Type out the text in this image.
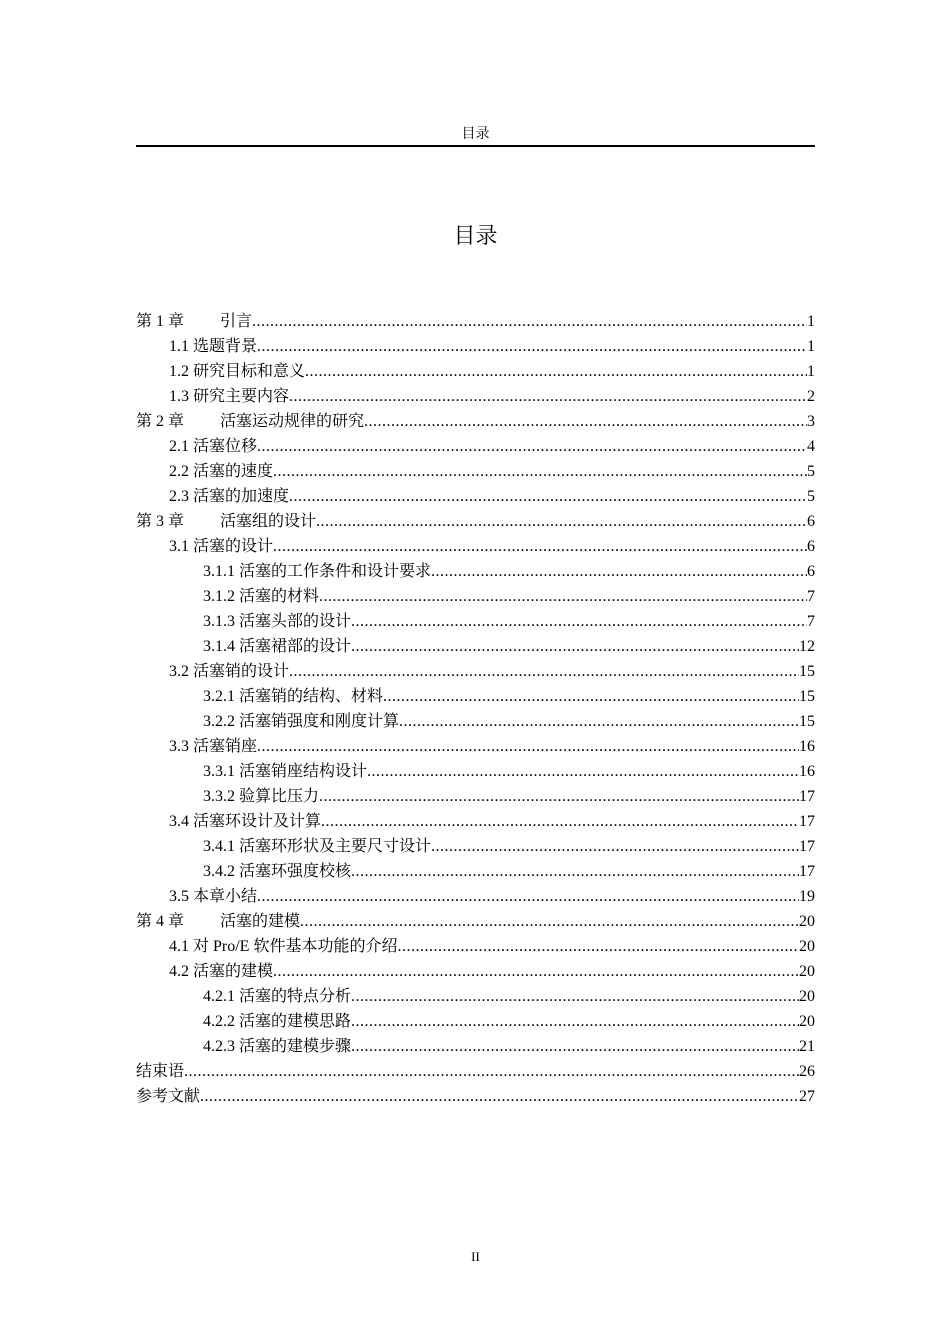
目录
目录
第 1 章 引言 .....	1
1.1 选题背景 .....	1
1.2 研究目标和意义 .....	1
1.3 研究主要内容 .....	2
第 2 章 活塞运动规律的研究 .....	3
2.1 活塞位移 .....	4
2.2 活塞的速度 .....	5
2.3 活塞的加速度 .....	5
第 3 章 活塞组的设计 .....	6
3.1 活塞的设计 .....	6
3.1.1 活塞的工作条件和设计要求 .....	6
3.1.2 活塞的材料 .....	7
3.1.3 活塞头部的设计 .....	7
3.1.4 活塞裙部的设计 .....	12
3.2 活塞销的设计 .....	15
3.2.1 活塞销的结构、材料 .....	15
3.2.2 活塞销强度和刚度计算 .....	15
3.3 活塞销座 .....	16
3.3.1 活塞销座结构设计 .....	16
3.3.2 验算比压力 .....	17
3.4 活塞环设计及计算 .....	17
3.4.1 活塞环形状及主要尺寸设计 .....	17
3.4.2 活塞环强度校核 .....	17
3.5 本章小结 .....	19
第 4 章 活塞的建模 .....	20
4.1 对 Pro/E 软件基本功能的介绍 .....	20
4.2 活塞的建模 .....	20
4.2.1 活塞的特点分析 .....	20
4.2.2 活塞的建模思路 .....	20
4.2.3 活塞的建模步骤 .....	21
结束语 .....	26
参考文献 .....	27
II
